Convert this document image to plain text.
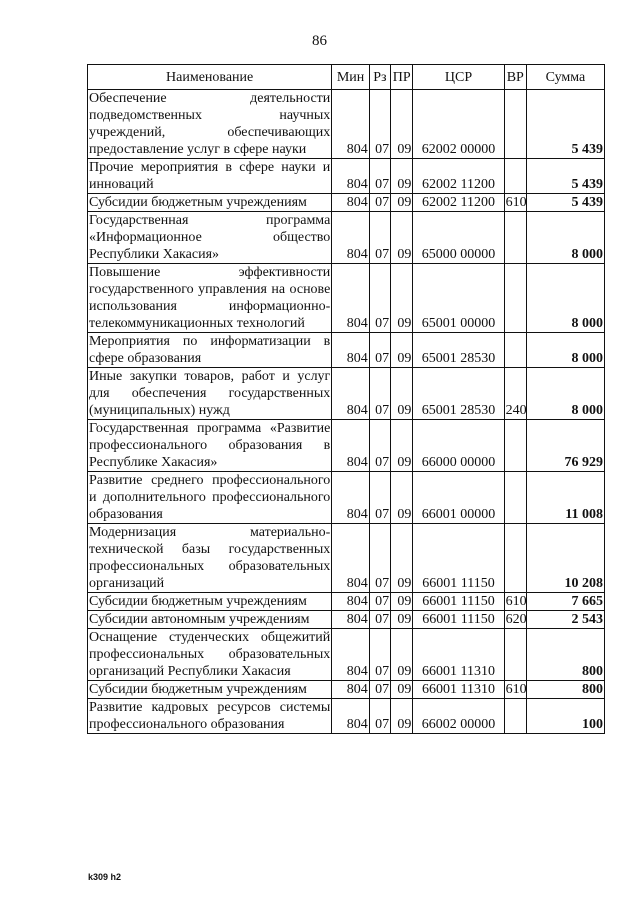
86
Наименование	Мин	Рз	ПР	ЦСР	ВР	Сумма
Обеспечение деятельности подведомственных научных учреждений, обеспечивающих предоставление услуг в сфере науки	804	07	09	62002 00000		5 439
Прочие мероприятия в сфере науки и инноваций	804	07	09	62002 11200		5 439
Субсидии бюджетным учреждениям	804	07	09	62002 11200	610	5 439
Государственная программа «Информационное общество Республики Хакасия»	804	07	09	65000 00000		8 000
Повышение эффективности государственного управления на основе использования информационно-телекоммуникационных технологий	804	07	09	65001 00000		8 000
Мероприятия по информатизации в сфере образования	804	07	09	65001 28530		8 000
Иные закупки товаров, работ и услуг для обеспечения государственных (муниципальных) нужд	804	07	09	65001 28530	240	8 000
Государственная программа «Развитие профессионального образования в Республике Хакасия»	804	07	09	66000 00000		76 929
Развитие среднего профессионального и дополнительного профессионального образования	804	07	09	66001 00000		11 008
Модернизация материально-технической базы государственных профессиональных образовательных организаций	804	07	09	66001 11150		10 208
Субсидии бюджетным учреждениям	804	07	09	66001 11150	610	7 665
Субсидии автономным учреждениям	804	07	09	66001 11150	620	2 543
Оснащение студенческих общежитий профессиональных образовательных организаций Республики Хакасия	804	07	09	66001 11310		800
Субсидии бюджетным учреждениям	804	07	09	66001 11310	610	800
Развитие кадровых ресурсов системы профессионального образования	804	07	09	66002 00000		100
k309 h2
